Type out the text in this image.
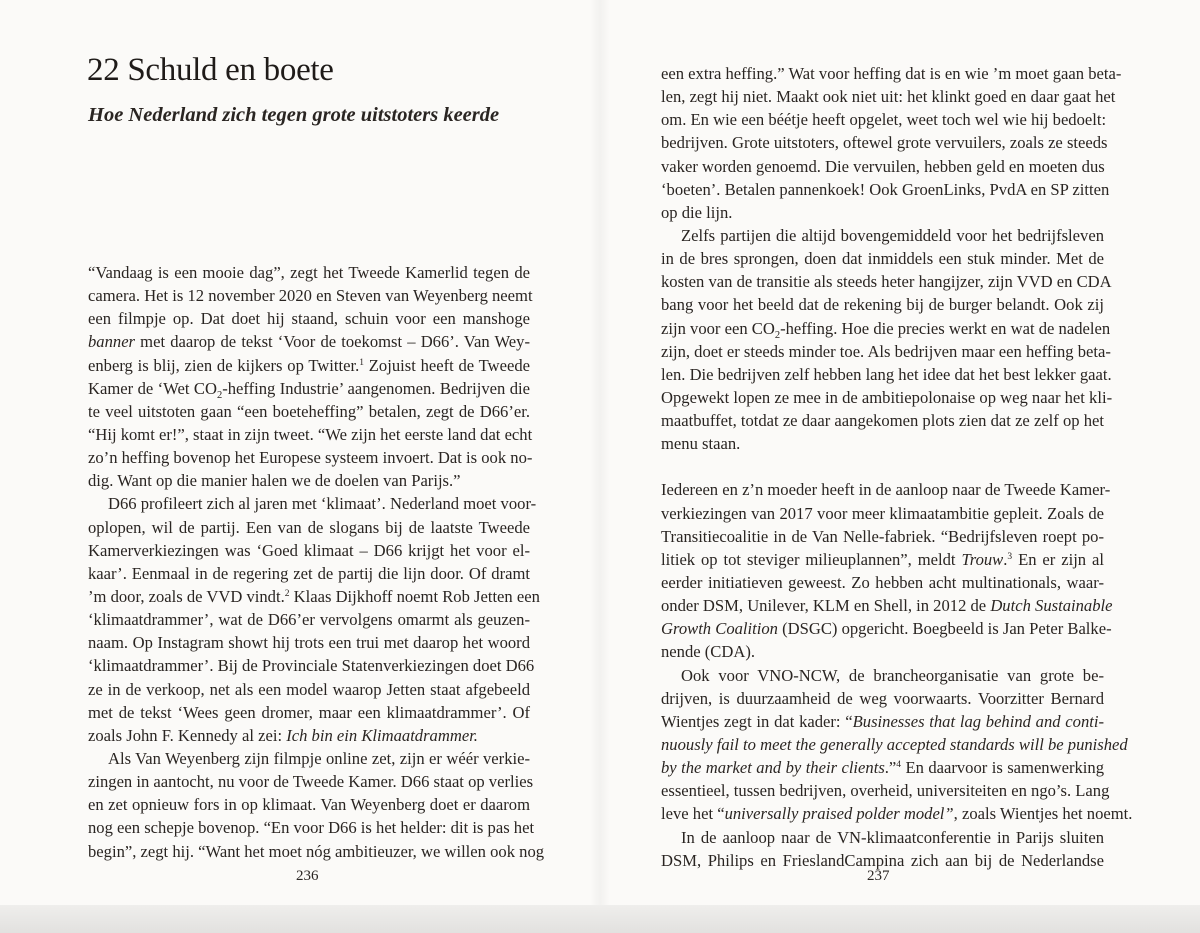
22 Schuld en boete
Hoe Nederland zich tegen grote uitstoters keerde
“Vandaag is een mooie dag”, zegt het Tweede Kamerlid tegen de
camera. Het is 12 november 2020 en Steven van Weyenberg neemt
een filmpje op. Dat doet hij staand, schuin voor een manshoge
banner met daarop de tekst ‘Voor de toekomst – D66’. Van Wey-
enberg is blij, zien de kijkers op Twitter.$^1$ Zojuist heeft de Tweede
Kamer de ‘Wet $CO_2$-heffing Industrie’ aangenomen. Bedrijven die
te veel uitstoten gaan “een boeteheffing” betalen, zegt de D66’er.
“Hij komt er!”, staat in zijn tweet. “We zijn het eerste land dat echt
zo’n heffing bovenop het Europese systeem invoert. Dat is ook no-
dig. Want op die manier halen we de doelen van Parijs.”
D66 profileert zich al jaren met ‘klimaat’. Nederland moet voor-
oplopen, wil de partij. Een van de slogans bij de laatste Tweede
Kamerverkiezingen was ‘Goed klimaat – D66 krijgt het voor el-
kaar’. Eenmaal in de regering zet de partij die lijn door. Of dramt
’m door, zoals de VVD vindt.$^2$ Klaas Dijkhoff noemt Rob Jetten een
‘klimaatdrammer’, wat de D66’er vervolgens omarmt als geuzen-
naam. Op Instagram showt hij trots een trui met daarop het woord
‘klimaatdrammer’. Bij de Provinciale Statenverkiezingen doet D66
ze in de verkoop, net als een model waarop Jetten staat afgebeeld
met de tekst ‘Wees geen dromer, maar een klimaatdrammer’. Of
zoals John F. Kennedy al zei: Ich bin ein Klimaatdrammer.
Als Van Weyenberg zijn filmpje online zet, zijn er wéér verkie-
zingen in aantocht, nu voor de Tweede Kamer. D66 staat op verlies
en zet opnieuw fors in op klimaat. Van Weyenberg doet er daarom
nog een schepje bovenop. “En voor D66 is het helder: dit is pas het
begin”, zegt hij. “Want het moet nóg ambitieuzer, we willen ook nog
236
een extra heffing.” Wat voor heffing dat is en wie ’m moet gaan beta-
len, zegt hij niet. Maakt ook niet uit: het klinkt goed en daar gaat het
om. En wie een béétje heeft opgelet, weet toch wel wie hij bedoelt:
bedrijven. Grote uitstoters, oftewel grote vervuilers, zoals ze steeds
vaker worden genoemd. Die vervuilen, hebben geld en moeten dus
‘boeten’. Betalen pannenkoek! Ook GroenLinks, PvdA en SP zitten
op die lijn.
Zelfs partijen die altijd bovengemiddeld voor het bedrijfsleven
in de bres sprongen, doen dat inmiddels een stuk minder. Met de
kosten van de transitie als steeds heter hangijzer, zijn VVD en CDA
bang voor het beeld dat de rekening bij de burger belandt. Ook zij
zijn voor een $CO_2$-heffing. Hoe die precies werkt en wat de nadelen
zijn, doet er steeds minder toe. Als bedrijven maar een heffing beta-
len. Die bedrijven zelf hebben lang het idee dat het best lekker gaat.
Opgewekt lopen ze mee in de ambitiepolonaise op weg naar het kli-
maatbuffet, totdat ze daar aangekomen plots zien dat ze zelf op het
menu staan.
Iedereen en z’n moeder heeft in de aanloop naar de Tweede Kamer-
verkiezingen van 2017 voor meer klimaatambitie gepleit. Zoals de
Transitiecoalitie in de Van Nelle-fabriek. “Bedrijfsleven roept po-
litiek op tot steviger milieuplannen”, meldt Trouw.$^3$ En er zijn al
eerder initiatieven geweest. Zo hebben acht multinationals, waar-
onder DSM, Unilever, KLM en Shell, in 2012 de Dutch Sustainable
Growth Coalition (DSGC) opgericht. Boegbeeld is Jan Peter Balke-
nende (CDA).
Ook voor VNO-NCW, de brancheorganisatie van grote be-
drijven, is duurzaamheid de weg voorwaarts. Voorzitter Bernard
Wientjes zegt in dat kader: “Businesses that lag behind and conti-
nuously fail to meet the generally accepted standards will be punished
by the market and by their clients.”$^4$ En daarvoor is samenwerking
essentieel, tussen bedrijven, overheid, universiteiten en ngo’s. Lang
leve het “universally praised polder model”, zoals Wientjes het noemt.
In de aanloop naar de VN-klimaatconferentie in Parijs sluiten
DSM, Philips en FrieslandCampina zich aan bij de Nederlandse
237
